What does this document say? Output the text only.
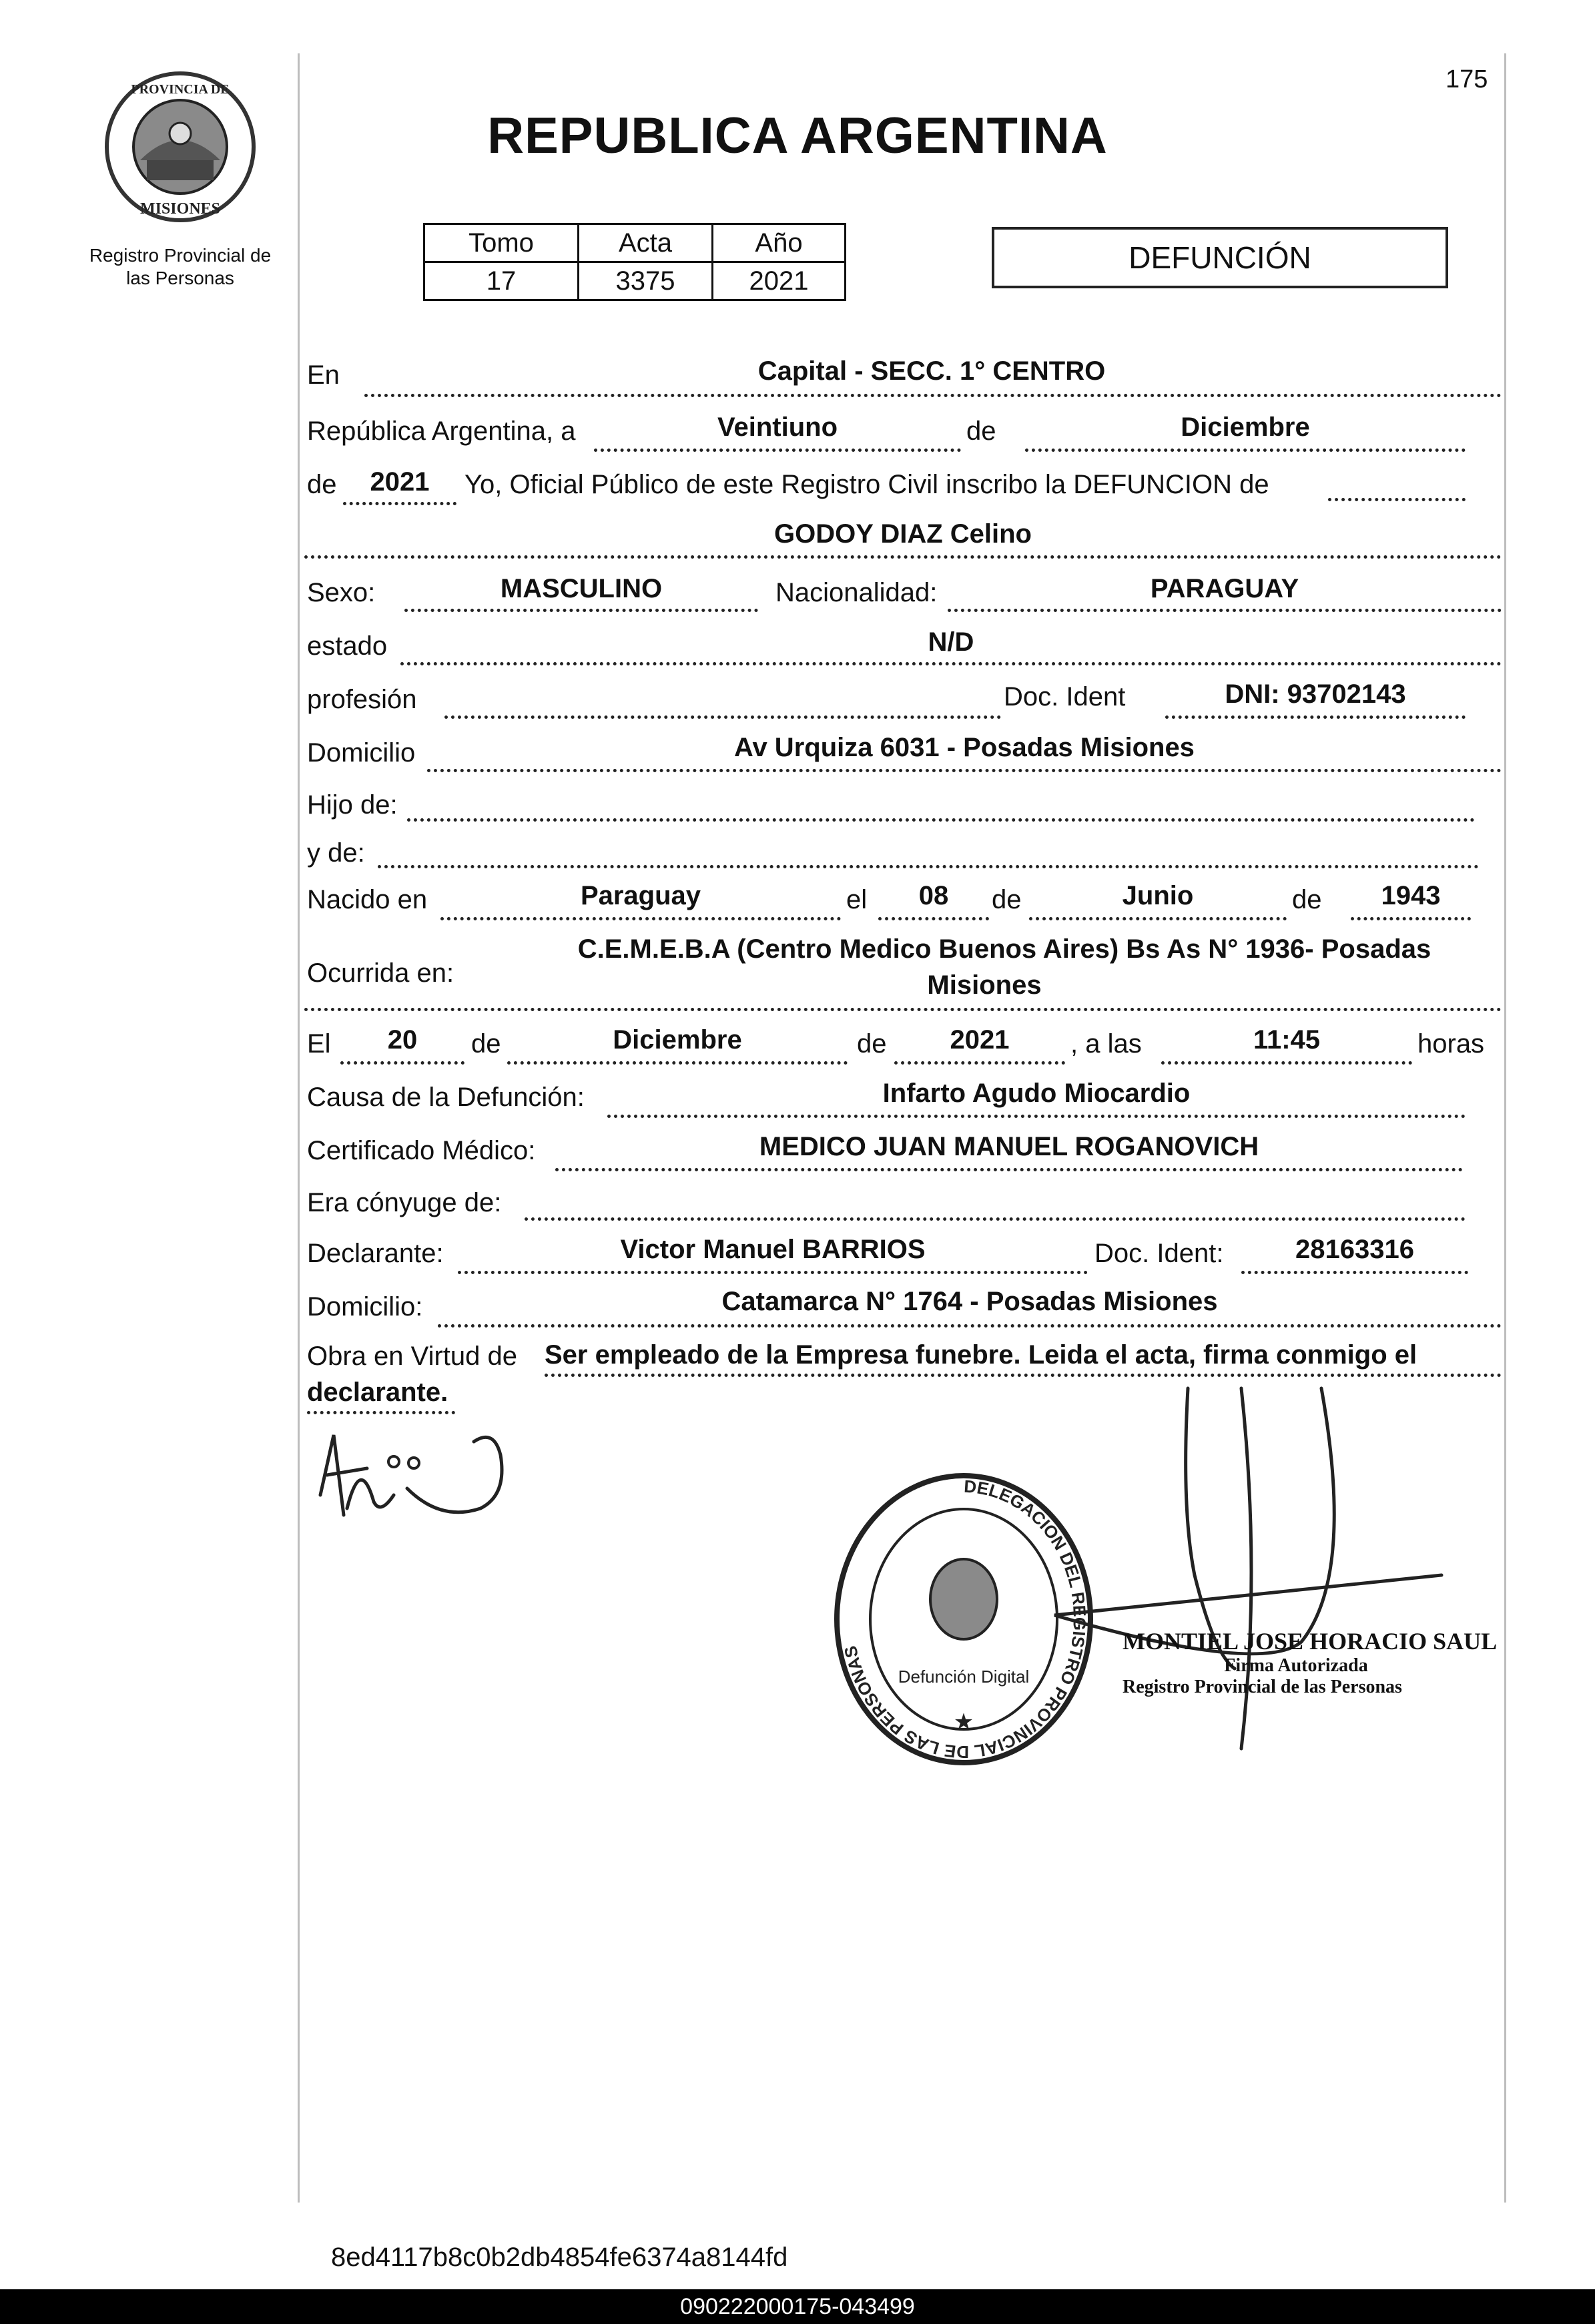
PROVINCIA DE
MISIONES
Registro Provincial de
las Personas
175
REPUBLICA ARGENTINA
Tomo	Acta	Año
17	3375	2021
DEFUNCIÓN
En	Capital - SECC. 1° CENTRO
República Argentina, a	Veintiuno	de	Diciembre
de	2021	Yo, Oficial Público de este Registro Civil inscribo la DEFUNCION de
GODOY DIAZ Celino
Sexo:	MASCULINO	Nacionalidad:	PARAGUAY
estado	N/D
profesión	Doc. Ident	DNI: 93702143
Domicilio	Av Urquiza 6031 - Posadas Misiones
Hijo de:
y de:
Nacido en	Paraguay	el	08	de	Junio	de	1943
Ocurrida en:
C.E.M.E.B.A (Centro Medico Buenos Aires) Bs As N° 1936- Posadas
Misiones
El	20	de	Diciembre	de	2021	, a las	11:45	horas
Causa de la Defunción:	Infarto Agudo Miocardio
Certificado Médico:	MEDICO JUAN MANUEL ROGANOVICH
Era cónyuge de:
Declarante:	Victor Manuel BARRIOS	Doc. Ident:	28163316
Domicilio:	Catamarca N° 1764 - Posadas Misiones
Obra en Virtud de Ser empleado de la Empresa funebre. Leida el acta, firma conmigo el
declarante.
DELEGACION DEL REGISTRO PROVINCIAL DE LAS PERSONAS
Defunción Digital
★
MONTIEL JOSE HORACIO SAUL
Firma Autorizada
Registro Provincial de las Personas
8ed4117b8c0b2db4854fe6374a8144fd
090222000175-043499
